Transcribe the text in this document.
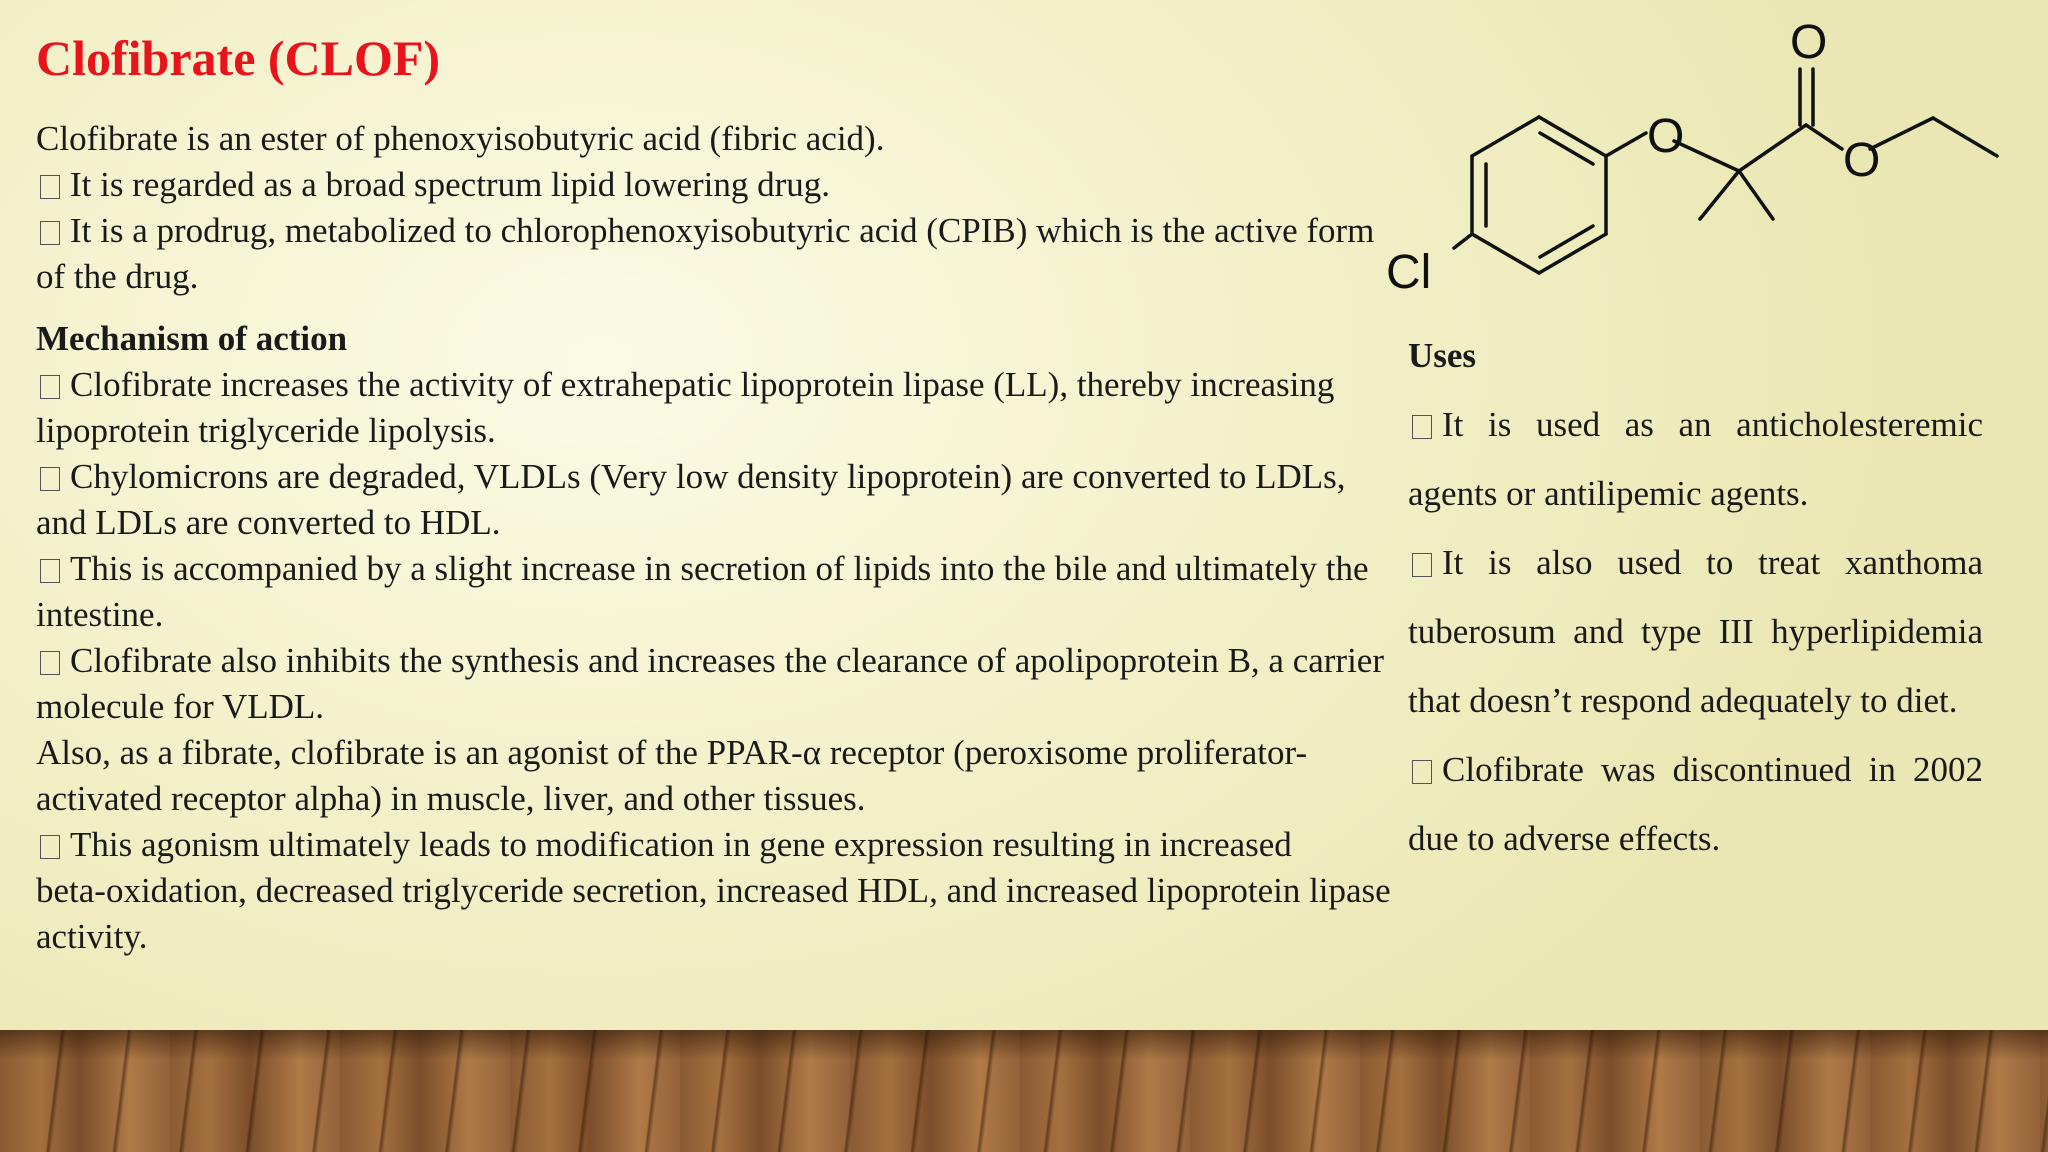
Clofibrate (CLOF)

Clofibrate is an ester of phenoxyisobutyric acid (fibric acid).

It is regarded as a broad spectrum lipid lowering drug.

It is a prodrug, metabolized to chlorophenoxyisobutyric acid (CPIB) which is the active form of the drug.

Mechanism of action

Clofibrate increases the activity of extrahepatic lipoprotein lipase (LL), thereby increasing lipoprotein triglyceride lipolysis.

Chylomicrons are degraded, VLDLs (Very low density lipoprotein) are converted to LDLs, and LDLs are converted to HDL.

This is accompanied by a slight increase in secretion of lipids into the bile and ultimately the intestine.

Clofibrate also inhibits the synthesis and increases the clearance of apolipoprotein B, a carrier molecule for VLDL.

Also, as a fibrate, clofibrate is an agonist of the PPAR-α receptor (peroxisome proliferator-activated receptor alpha) in muscle, liver, and other tissues.

This agonism ultimately leads to modification in gene expression resulting in increased

beta-oxidation, decreased triglyceride secretion, increased HDL, and increased lipoprotein lipase activity.

O
O
O
Cl

Uses

It is used as an anticholesteremic agents or antilipemic agents.

It is also used to treat xanthoma tuberosum and type III hyperlipidemia that doesn’t respond adequately to diet.

Clofibrate was discontinued in 2002 due to adverse effects.
